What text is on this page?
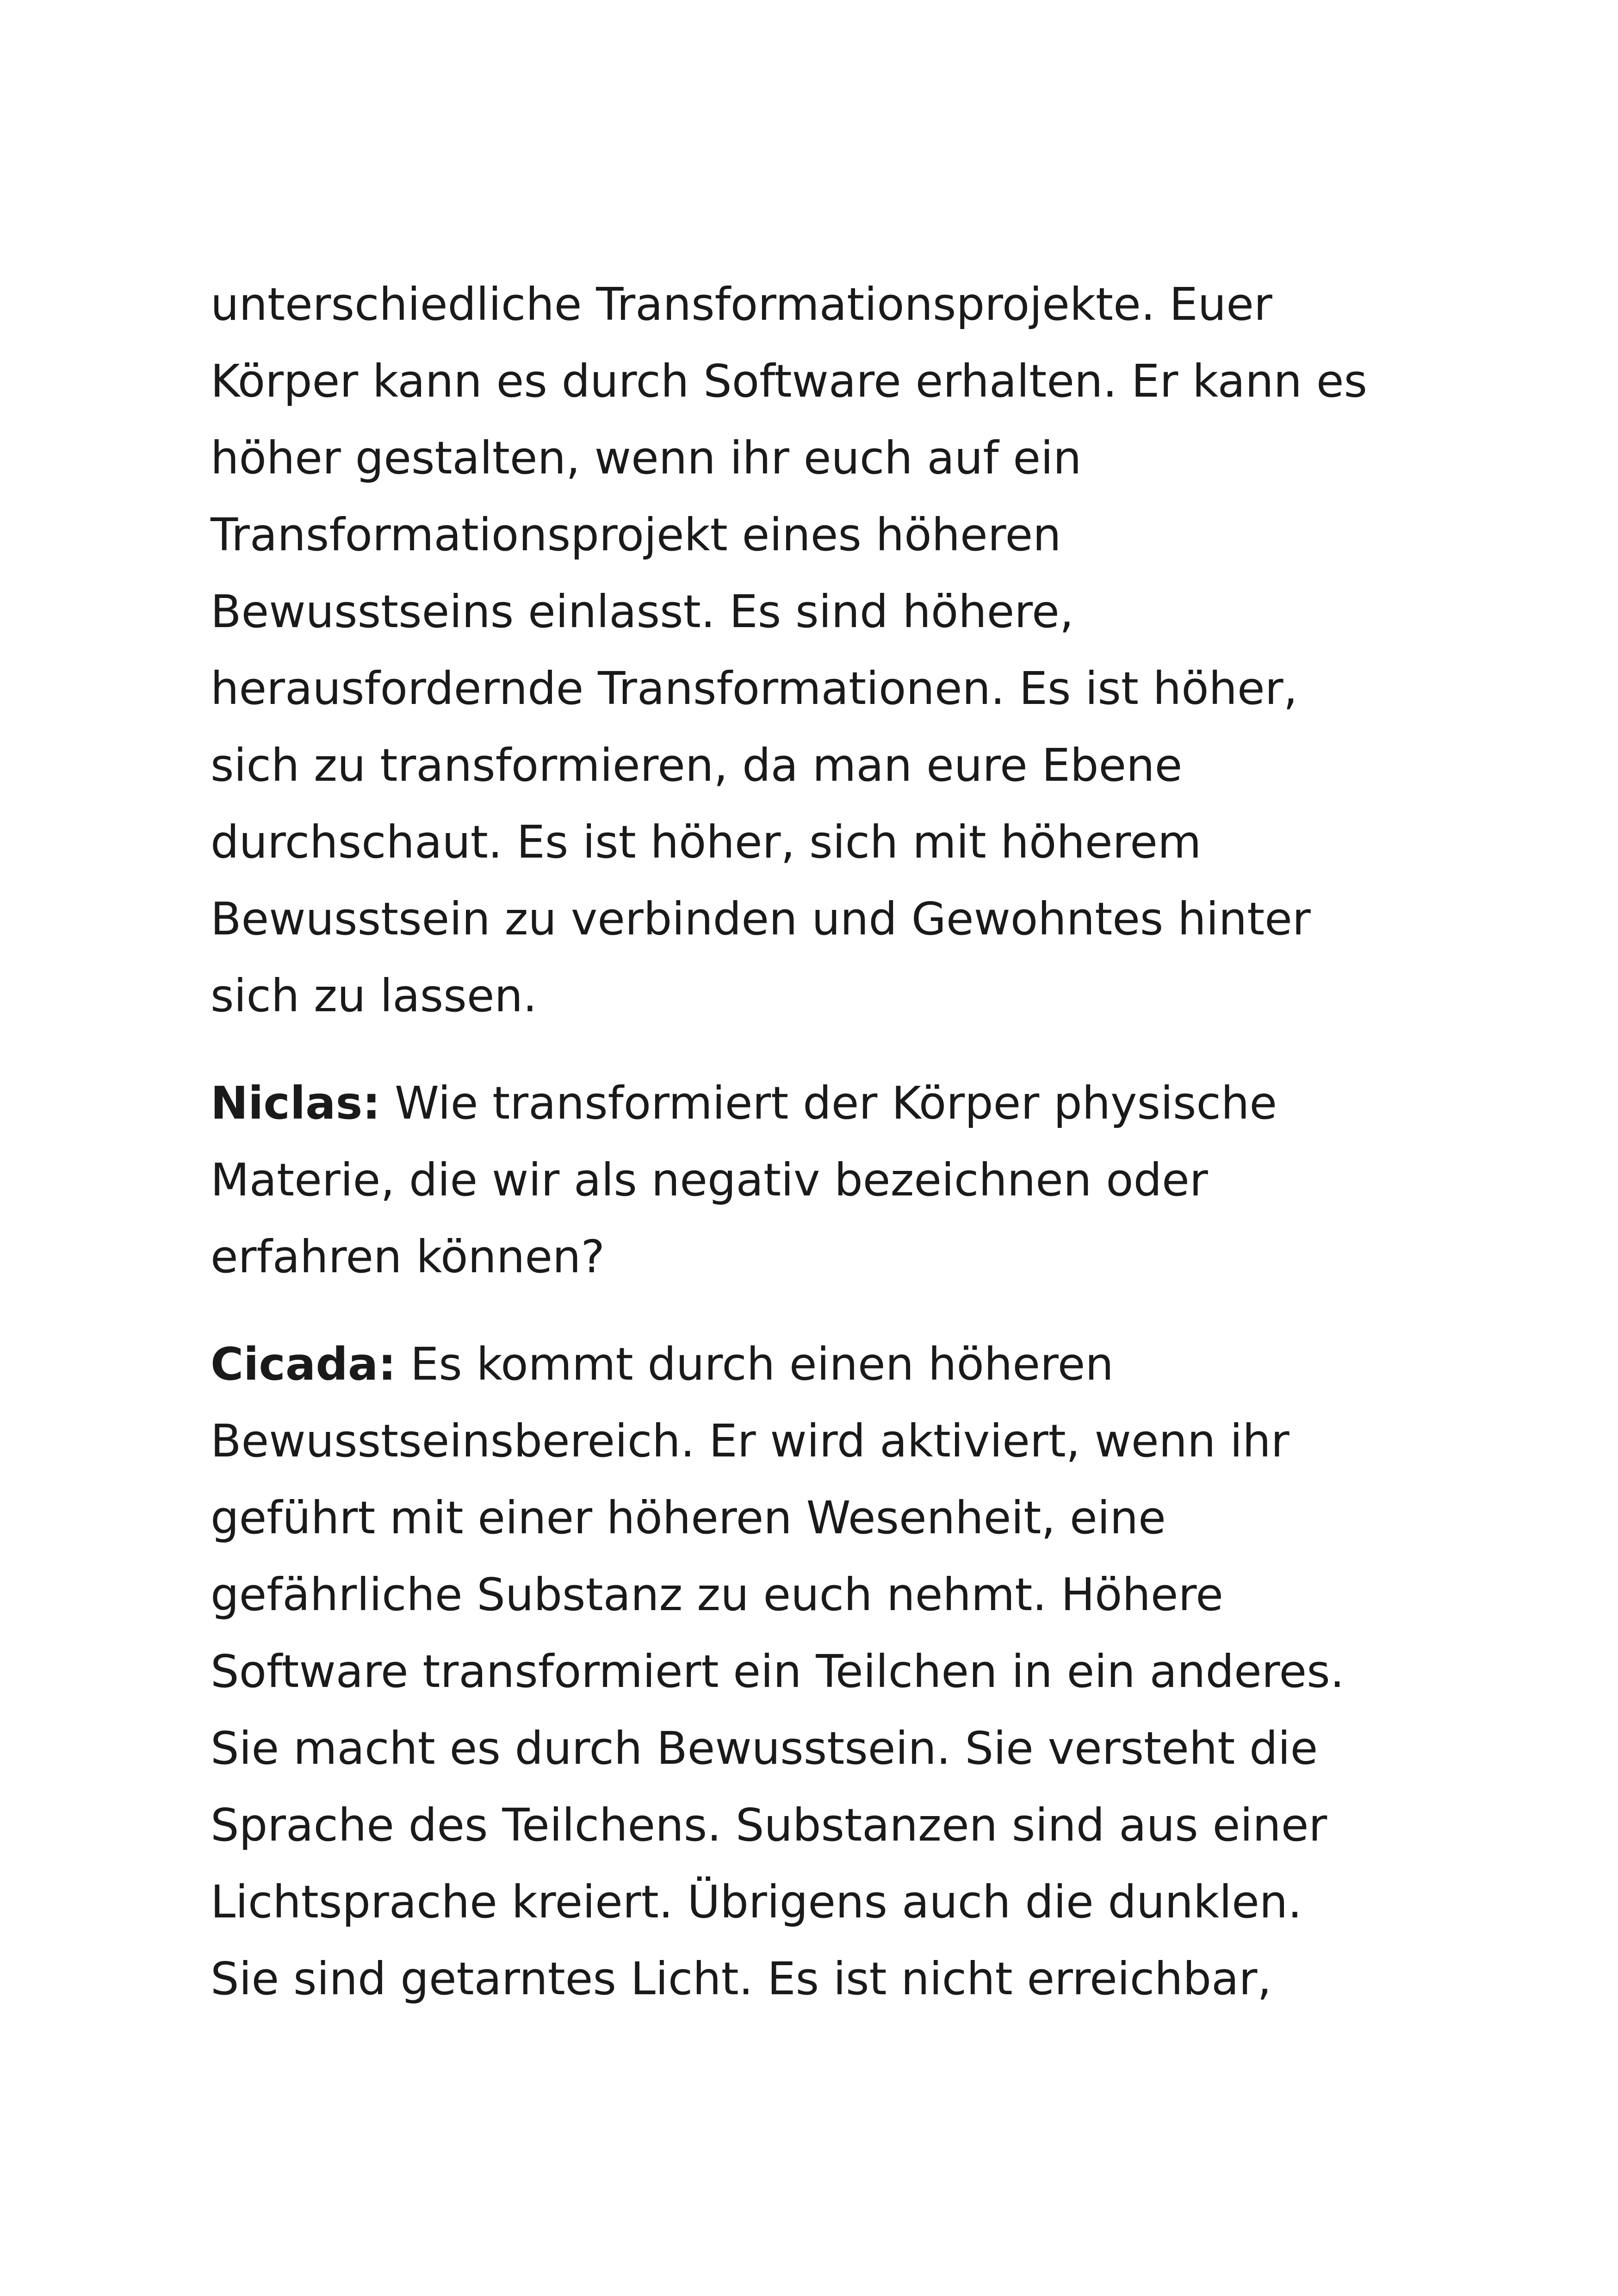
unterschiedliche Transformationsprojekte. Euer
Körper kann es durch Software erhalten. Er kann es
höher gestalten, wenn ihr euch auf ein
Transformationsprojekt eines höheren
Bewusstseins einlasst. Es sind höhere,
herausfordernde Transformationen. Es ist höher,
sich zu transformieren, da man eure Ebene
durchschaut. Es ist höher, sich mit höherem
Bewusstsein zu verbinden und Gewohntes hinter
sich zu lassen.

Niclas: Wie transformiert der Körper physische
Materie, die wir als negativ bezeichnen oder
erfahren können?

Cicada: Es kommt durch einen höheren
Bewusstseinsbereich. Er wird aktiviert, wenn ihr
geführt mit einer höheren Wesenheit, eine
gefährliche Substanz zu euch nehmt. Höhere
Software transformiert ein Teilchen in ein anderes.
Sie macht es durch Bewusstsein. Sie versteht die
Sprache des Teilchens. Substanzen sind aus einer
Lichtsprache kreiert. Übrigens auch die dunklen.
Sie sind getarntes Licht. Es ist nicht erreichbar,
